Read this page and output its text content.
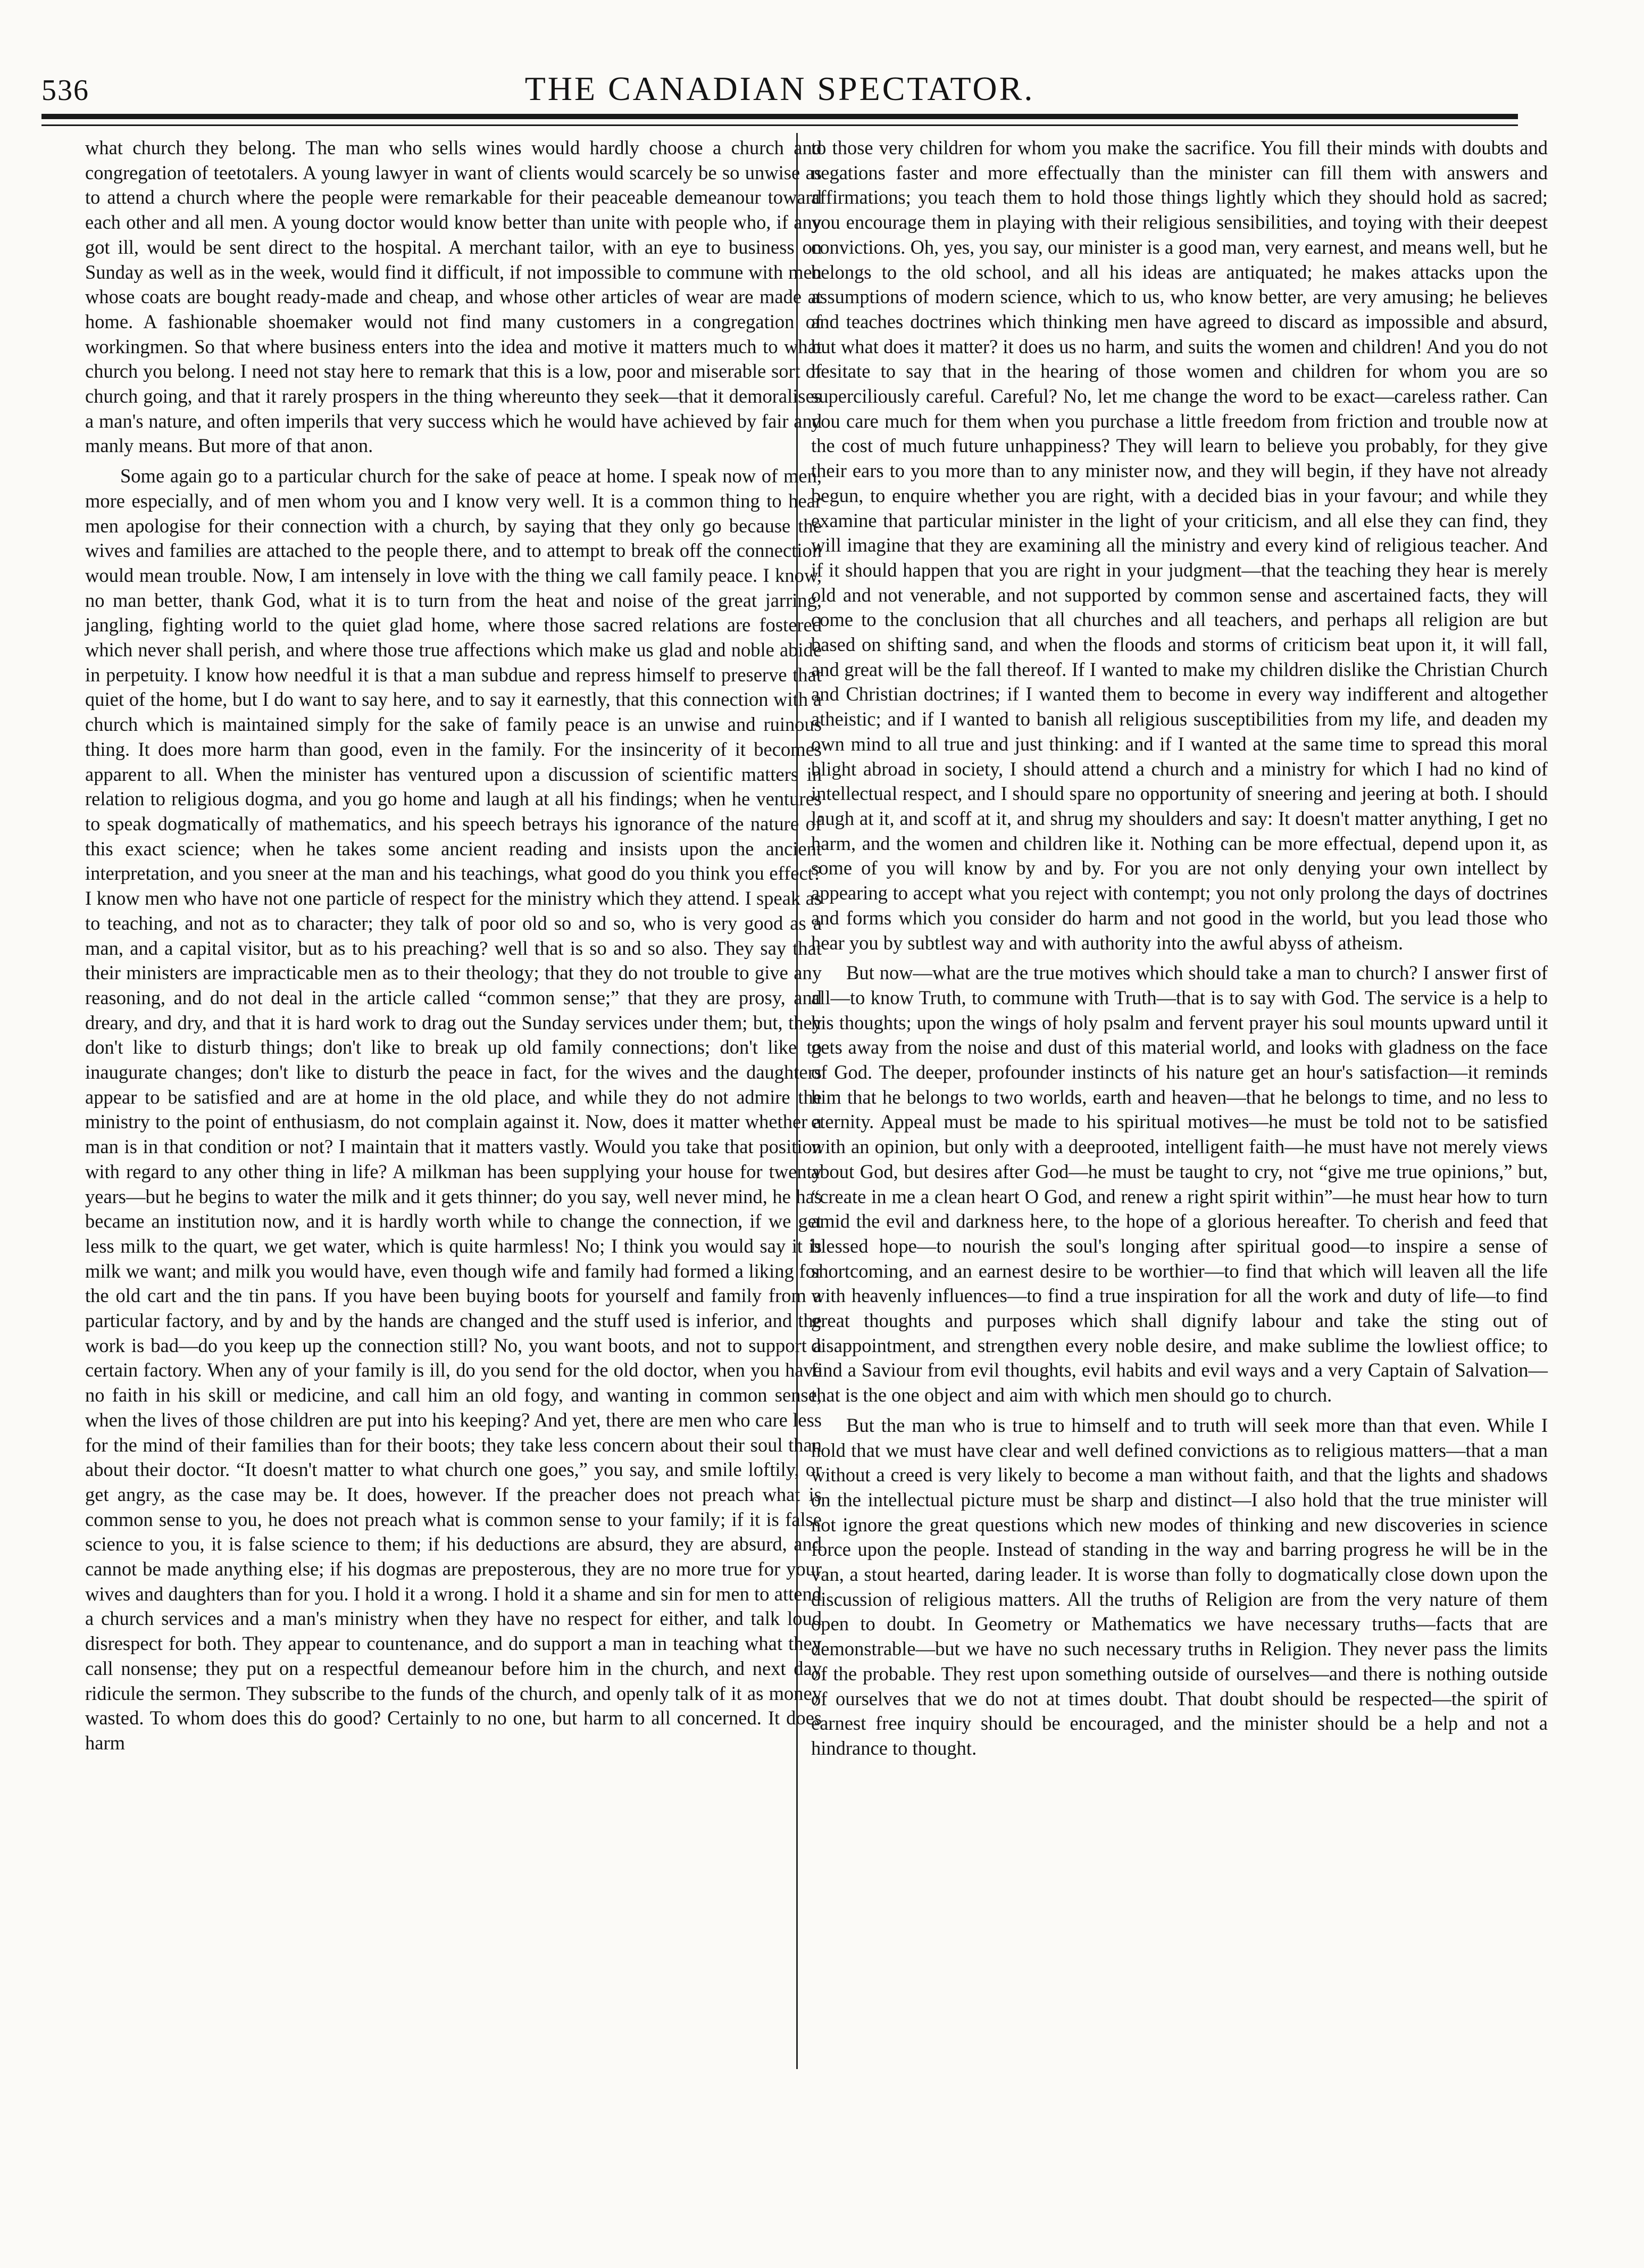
536	THE CANADIAN SPECTATOR.

what church they belong. The man who sells wines would hardly choose a church and congregation of teetotalers. A young lawyer in want of clients would scarcely be so unwise as to attend a church where the people were remarkable for their peaceable demeanour toward each other and all men. A young doctor would know better than unite with people who, if any got ill, would be sent direct to the hospital. A merchant tailor, with an eye to business on Sunday as well as in the week, would find it difficult, if not impossible to commune with men whose coats are bought ready-made and cheap, and whose other articles of wear are made at home. A fashionable shoemaker would not find many customers in a congregation of workingmen. So that where business enters into the idea and motive it matters much to what church you belong. I need not stay here to remark that this is a low, poor and miserable sort of church going, and that it rarely prospers in the thing whereunto they seek—that it demoralises a man's nature, and often imperils that very success which he would have achieved by fair and manly means. But more of that anon.

Some again go to a particular church for the sake of peace at home. I speak now of men, more especially, and of men whom you and I know very well. It is a common thing to hear men apologise for their connection with a church, by saying that they only go because the wives and families are attached to the people there, and to attempt to break off the connection would mean trouble. Now, I am intensely in love with the thing we call family peace. I know, no man better, thank God, what it is to turn from the heat and noise of the great jarring, jangling, fighting world to the quiet glad home, where those sacred relations are fostered which never shall perish, and where those true affections which make us glad and noble abide in perpetuity. I know how needful it is that a man subdue and repress himself to preserve that quiet of the home, but I do want to say here, and to say it earnestly, that this connection with a church which is maintained simply for the sake of family peace is an unwise and ruinous thing. It does more harm than good, even in the family. For the insincerity of it becomes apparent to all. When the minister has ventured upon a discussion of scientific matters in relation to religious dogma, and you go home and laugh at all his findings; when he ventures to speak dogmatically of mathematics, and his speech betrays his ignorance of the nature of this exact science; when he takes some ancient reading and insists upon the ancient interpretation, and you sneer at the man and his teachings, what good do you think you effect? I know men who have not one particle of respect for the ministry which they attend. I speak as to teaching, and not as to character; they talk of poor old so and so, who is very good as a man, and a capital visitor, but as to his preaching? well that is so and so also. They say that their ministers are impracticable men as to their theology; that they do not trouble to give any reasoning, and do not deal in the article called “common sense;” that they are prosy, and dreary, and dry, and that it is hard work to drag out the Sunday services under them; but, they don't like to disturb things; don't like to break up old family connections; don't like to inaugurate changes; don't like to disturb the peace in fact, for the wives and the daughters appear to be satisfied and are at home in the old place, and while they do not admire the ministry to the point of enthusiasm, do not complain against it. Now, does it matter whether a man is in that condition or not? I maintain that it matters vastly. Would you take that position with regard to any other thing in life? A milkman has been supplying your house for twenty years—but he begins to water the milk and it gets thinner; do you say, well never mind, he has became an institution now, and it is hardly worth while to change the connection, if we get less milk to the quart, we get water, which is quite harmless! No; I think you would say it is milk we want; and milk you would have, even though wife and family had formed a liking for the old cart and the tin pans. If you have been buying boots for yourself and family from a particular factory, and by and by the hands are changed and the stuff used is inferior, and the work is bad—do you keep up the connection still? No, you want boots, and not to support a certain factory. When any of your family is ill, do you send for the old doctor, when you have no faith in his skill or medicine, and call him an old fogy, and wanting in common sense, when the lives of those children are put into his keeping? And yet, there are men who care less for the mind of their families than for their boots; they take less concern about their soul than about their doctor. “It doesn't matter to what church one goes,” you say, and smile loftily, or get angry, as the case may be. It does, however. If the preacher does not preach what is common sense to you, he does not preach what is common sense to your family; if it is false science to you, it is false science to them; if his deductions are absurd, they are absurd, and cannot be made anything else; if his dogmas are preposterous, they are no more true for your wives and daughters than for you. I hold it a wrong. I hold it a shame and sin for men to attend a church services and a man's ministry when they have no respect for either, and talk loud disrespect for both. They appear to countenance, and do support a man in teaching what they call nonsense; they put on a respectful demeanour before him in the church, and next day ridicule the sermon. They subscribe to the funds of the church, and openly talk of it as money wasted. To whom does this do good? Certainly to no one, but harm to all concerned. It does harm

to those very children for whom you make the sacrifice. You fill their minds with doubts and negations faster and more effectually than the minister can fill them with answers and affirmations; you teach them to hold those things lightly which they should hold as sacred; you encourage them in playing with their religious sensibilities, and toying with their deepest convictions. Oh, yes, you say, our minister is a good man, very earnest, and means well, but he belongs to the old school, and all his ideas are antiquated; he makes attacks upon the assumptions of modern science, which to us, who know better, are very amusing; he believes and teaches doctrines which thinking men have agreed to discard as impossible and absurd, but what does it matter? it does us no harm, and suits the women and children! And you do not hesitate to say that in the hearing of those women and children for whom you are so superciliously careful. Careful? No, let me change the word to be exact—careless rather. Can you care much for them when you purchase a little freedom from friction and trouble now at the cost of much future unhappiness? They will learn to believe you probably, for they give their ears to you more than to any minister now, and they will begin, if they have not already begun, to enquire whether you are right, with a decided bias in your favour; and while they examine that particular minister in the light of your criticism, and all else they can find, they will imagine that they are examining all the ministry and every kind of religious teacher. And if it should happen that you are right in your judgment—that the teaching they hear is merely old and not venerable, and not supported by common sense and ascertained facts, they will come to the conclusion that all churches and all teachers, and perhaps all religion are but based on shifting sand, and when the floods and storms of criticism beat upon it, it will fall, and great will be the fall thereof. If I wanted to make my children dislike the Christian Church and Christian doctrines; if I wanted them to become in every way indifferent and altogether atheistic; and if I wanted to banish all religious susceptibilities from my life, and deaden my own mind to all true and just thinking: and if I wanted at the same time to spread this moral blight abroad in society, I should attend a church and a ministry for which I had no kind of intellectual respect, and I should spare no opportunity of sneering and jeering at both. I should laugh at it, and scoff at it, and shrug my shoulders and say: It doesn't matter anything, I get no harm, and the women and children like it. Nothing can be more effectual, depend upon it, as some of you will know by and by. For you are not only denying your own intellect by appearing to accept what you reject with contempt; you not only prolong the days of doctrines and forms which you consider do harm and not good in the world, but you lead those who hear you by subtlest way and with authority into the awful abyss of atheism.

But now—what are the true motives which should take a man to church? I answer first of all—to know Truth, to commune with Truth—that is to say with God. The service is a help to his thoughts; upon the wings of holy psalm and fervent prayer his soul mounts upward until it gets away from the noise and dust of this material world, and looks with gladness on the face of God. The deeper, profounder instincts of his nature get an hour's satisfaction—it reminds him that he belongs to two worlds, earth and heaven—that he belongs to time, and no less to eternity. Appeal must be made to his spiritual motives—he must be told not to be satisfied with an opinion, but only with a deeprooted, intelligent faith—he must have not merely views about God, but desires after God—he must be taught to cry, not “give me true opinions,” but, “create in me a clean heart O God, and renew a right spirit within”—he must hear how to turn amid the evil and darkness here, to the hope of a glorious hereafter. To cherish and feed that blessed hope—to nourish the soul's longing after spiritual good—to inspire a sense of shortcoming, and an earnest desire to be worthier—to find that which will leaven all the life with heavenly influences—to find a true inspiration for all the work and duty of life—to find great thoughts and purposes which shall dignify labour and take the sting out of disappointment, and strengthen every noble desire, and make sublime the lowliest office; to find a Saviour from evil thoughts, evil habits and evil ways and a very Captain of Salvation—that is the one object and aim with which men should go to church.

But the man who is true to himself and to truth will seek more than that even. While I hold that we must have clear and well defined convictions as to religious matters—that a man without a creed is very likely to become a man without faith, and that the lights and shadows on the intellectual picture must be sharp and distinct—I also hold that the true minister will not ignore the great questions which new modes of thinking and new discoveries in science force upon the people. Instead of standing in the way and barring progress he will be in the van, a stout hearted, daring leader. It is worse than folly to dogmatically close down upon the discussion of religious matters. All the truths of Religion are from the very nature of them open to doubt. In Geometry or Mathematics we have necessary truths—facts that are demonstrable—but we have no such necessary truths in Religion. They never pass the limits of the probable. They rest upon something outside of ourselves—and there is nothing outside of ourselves that we do not at times doubt. That doubt should be respected—the spirit of earnest free inquiry should be encouraged, and the minister should be a help and not a hindrance to thought.
